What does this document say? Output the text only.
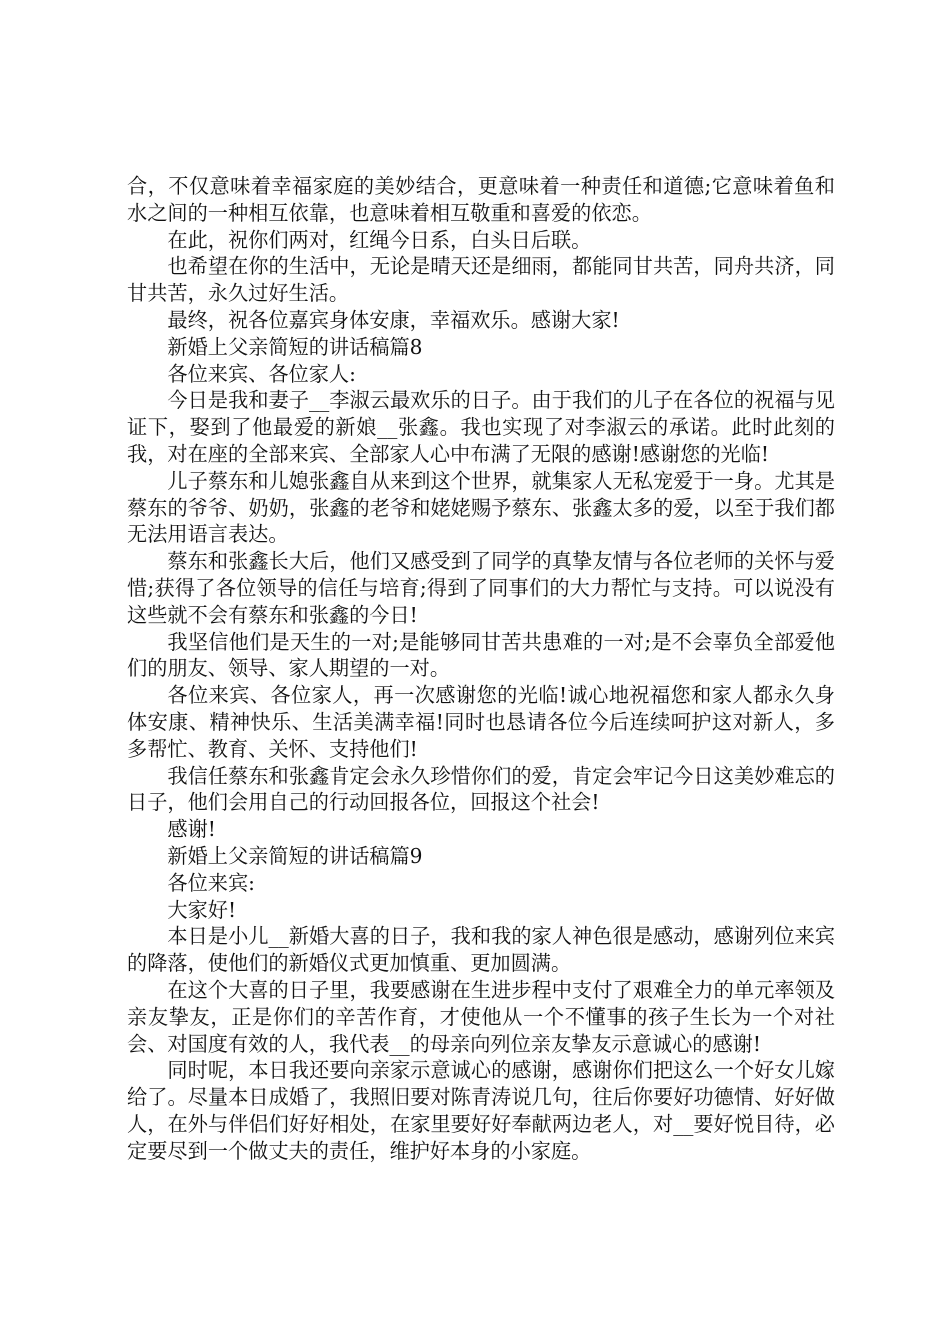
合，不仅意味着幸福家庭的美妙结合，更意味着一种责任和道德;它意味着鱼和水之间的一种相互依靠，也意味着相互敬重和喜爱的依恋。

在此，祝你们两对，红绳今日系，白头日后联。

也希望在你的生活中，无论是晴天还是细雨，都能同甘共苦，同舟共济，同甘共苦，永久过好生活。

最终，祝各位嘉宾身体安康，幸福欢乐。感谢大家!

新婚上父亲简短的讲话稿篇8

各位来宾、各位家人:

今日是我和妻子__李淑云最欢乐的日子。由于我们的儿子在各位的祝福与见证下，娶到了他最爱的新娘__张鑫。我也实现了对李淑云的承诺。此时此刻的我，对在座的全部来宾、全部家人心中布满了无限的感谢!感谢您的光临!

儿子蔡东和儿媳张鑫自从来到这个世界，就集家人无私宠爱于一身。尤其是蔡东的爷爷、奶奶，张鑫的老爷和姥姥赐予蔡东、张鑫太多的爱，以至于我们都无法用语言表达。

蔡东和张鑫长大后，他们又感受到了同学的真挚友情与各位老师的关怀与爱惜;获得了各位领导的信任与培育;得到了同事们的大力帮忙与支持。可以说没有这些就不会有蔡东和张鑫的今日!

我坚信他们是天生的一对;是能够同甘苦共患难的一对;是不会辜负全部爱他们的朋友、领导、家人期望的一对。

各位来宾、各位家人，再一次感谢您的光临!诚心地祝福您和家人都永久身体安康、精神快乐、生活美满幸福!同时也恳请各位今后连续呵护这对新人，多多帮忙、教育、关怀、支持他们!

我信任蔡东和张鑫肯定会永久珍惜你们的爱，肯定会牢记今日这美妙难忘的日子，他们会用自己的行动回报各位，回报这个社会!

感谢!

新婚上父亲简短的讲话稿篇9

各位来宾:

大家好!

本日是小儿__新婚大喜的日子，我和我的家人神色很是感动，感谢列位来宾的降落，使他们的新婚仪式更加慎重、更加圆满。

在这个大喜的日子里，我要感谢在生进步程中支付了艰难全力的单元率领及亲友挚友，正是你们的辛苦作育，才使他从一个不懂事的孩子生长为一个对社会、对国度有效的人，我代表__的母亲向列位亲友挚友示意诚心的感谢!

同时呢，本日我还要向亲家示意诚心的感谢，感谢你们把这么一个好女儿嫁给了。尽量本日成婚了，我照旧要对陈青涛说几句，往后你要好功德情、好好做人，在外与伴侣们好好相处，在家里要好好奉献两边老人，对__要好悦目待，必定要尽到一个做丈夫的责任，维护好本身的小家庭。
